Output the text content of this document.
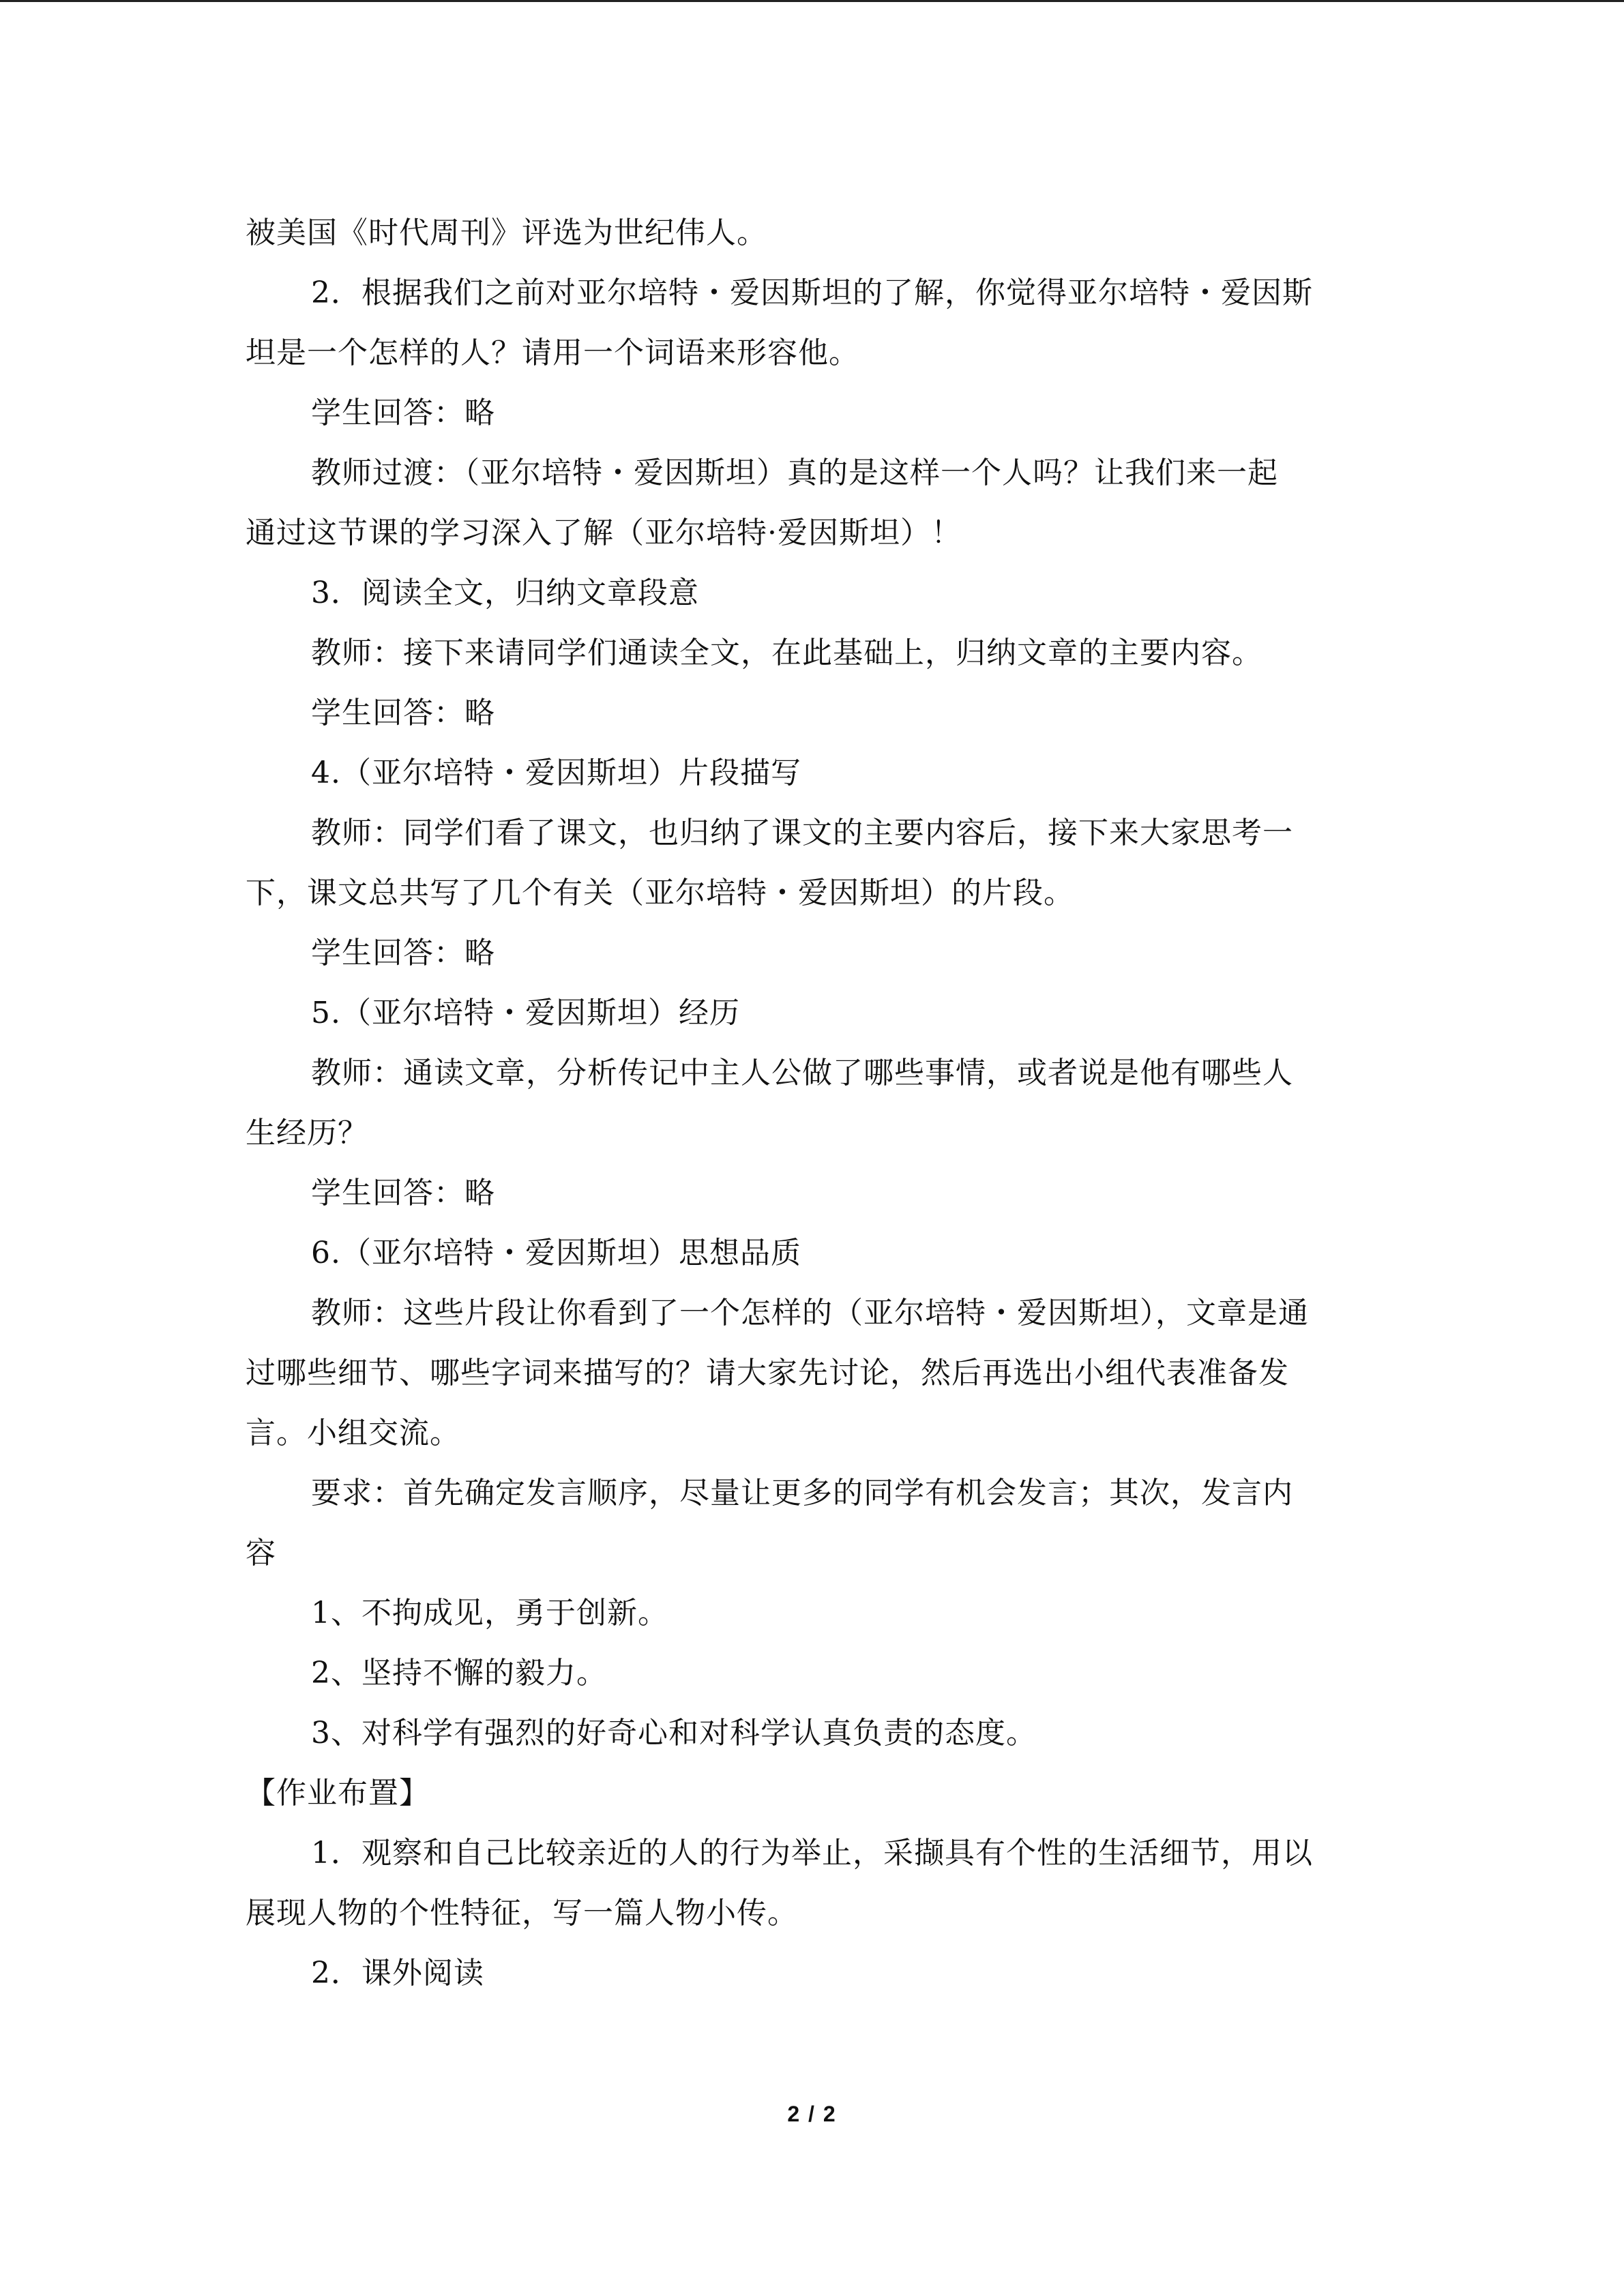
被美国《时代周刊》评选为世纪伟人。
2．根据我们之前对亚尔培特・爱因斯坦的了解，你觉得亚尔培特・爱因斯
坦是一个怎样的人？请用一个词语来形容他。
学生回答：略
教师过渡：（亚尔培特・爱因斯坦）真的是这样一个人吗？让我们来一起
通过这节课的学习深入了解（亚尔培特·爱因斯坦）！
3．阅读全文，归纳文章段意
教师：接下来请同学们通读全文，在此基础上，归纳文章的主要内容。
学生回答：略
4.（亚尔培特・爱因斯坦）片段描写
教师：同学们看了课文，也归纳了课文的主要内容后，接下来大家思考一
下，课文总共写了几个有关（亚尔培特・爱因斯坦）的片段。
学生回答：略
5.（亚尔培特・爱因斯坦）经历
教师：通读文章，分析传记中主人公做了哪些事情，或者说是他有哪些人
生经历？
学生回答：略
6.（亚尔培特・爱因斯坦）思想品质
教师：这些片段让你看到了一个怎样的（亚尔培特・爱因斯坦），文章是通
过哪些细节、哪些字词来描写的？请大家先讨论，然后再选出小组代表准备发
言。小组交流。
要求：首先确定发言顺序，尽量让更多的同学有机会发言；其次，发言内
容
1、不拘成见，勇于创新。
2、坚持不懈的毅力。
3、对科学有强烈的好奇心和对科学认真负责的态度。
【作业布置】
1．观察和自己比较亲近的人的行为举止，采撷具有个性的生活细节，用以
展现人物的个性特征，写一篇人物小传。
2．课外阅读
2 / 2
